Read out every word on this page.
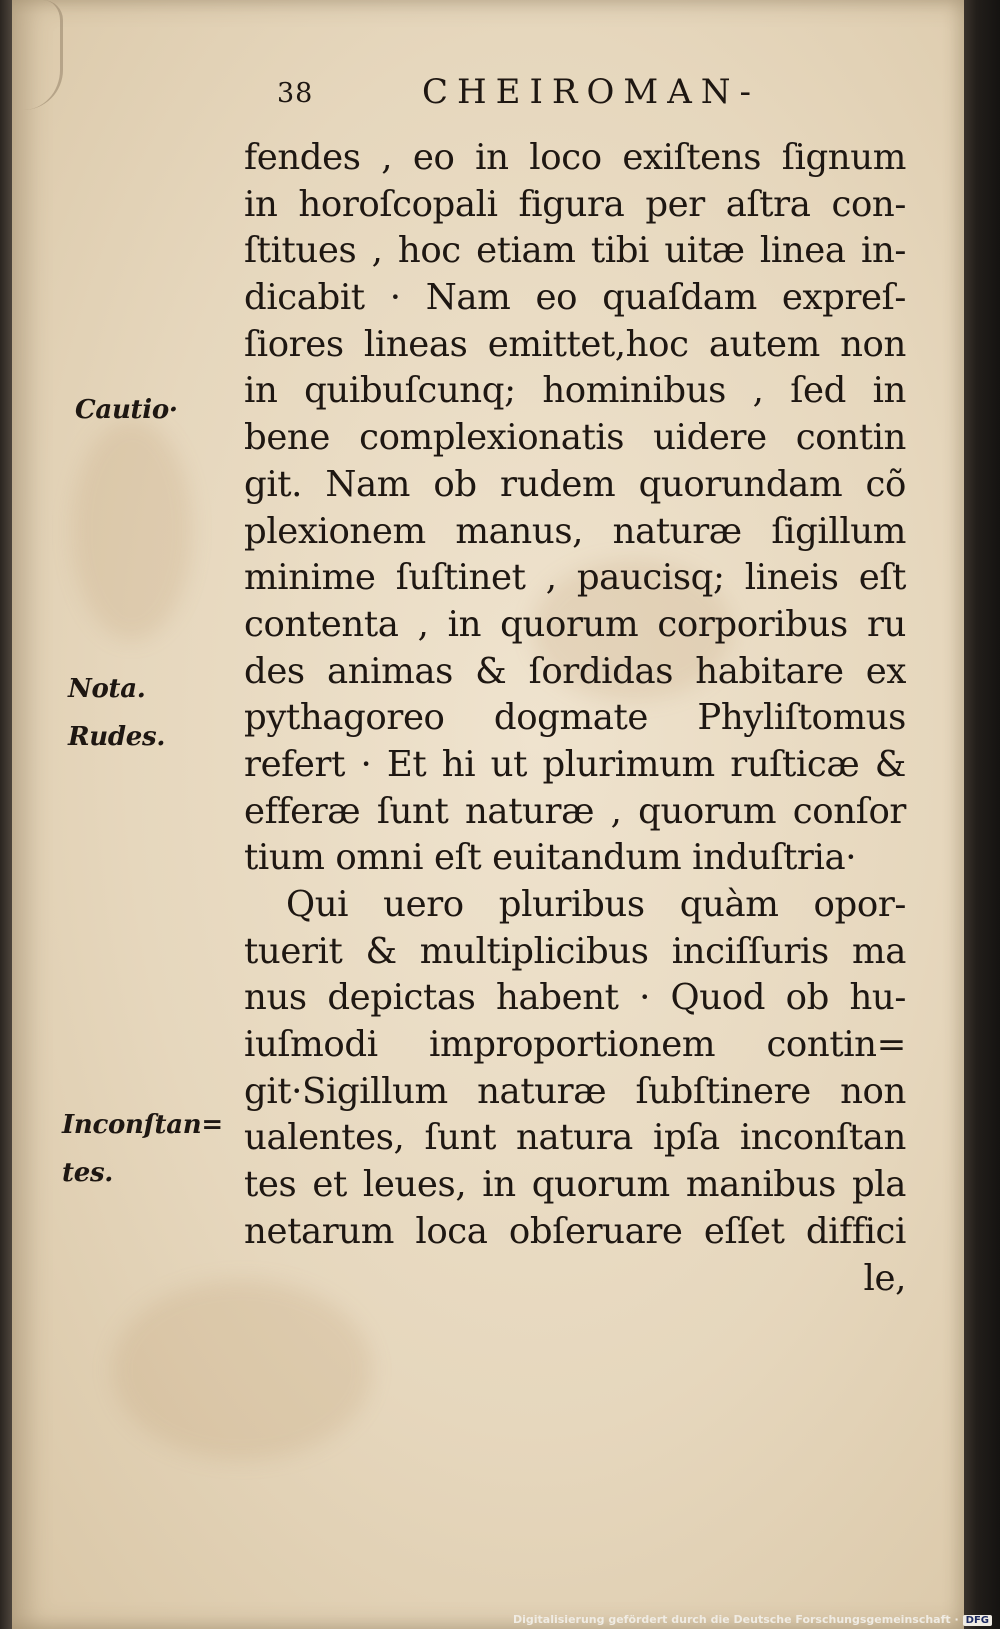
38	CHEIROMAN-
Cautio·
Nota.
Rudes.
Inconſtan=
tes.
fendes , eo in loco exiſtens ſignum
in horoſcopali figura per aſtra con-
ſtitues , hoc etiam tibi uitæ linea in-
dicabit · Nam eo quaſdam expreſ-
ſiores lineas emittet,hoc autem non
in quibuſcunq; hominibus , ſed in
bene complexionatis uidere contin
git. Nam ob rudem quorundam cõ
plexionem manus, naturæ ſigillum
minime ſuſtinet , paucisq; lineis eſt
contenta , in quorum corporibus ru
des animas & ſordidas habitare ex
pythagoreo dogmate Phyliſtomus
refert · Et hi ut plurimum ruſticæ &
efferæ ſunt naturæ , quorum conſor
tium omni eſt euitandum induſtria·
Qui uero pluribus quàm opor-
tuerit & multiplicibus inciſſuris ma
nus depictas habent · Quod ob hu-
iuſmodi improportionem contin=
git·Sigillum naturæ ſubſtinere non
ualentes, ſunt natura ipſa inconſtan
tes et leues, in quorum manibus pla
netarum loca obſeruare eſſet diffici
le,
Digitalisierung gefördert durch die Deutsche Forschungsgemeinschaft · DFG
